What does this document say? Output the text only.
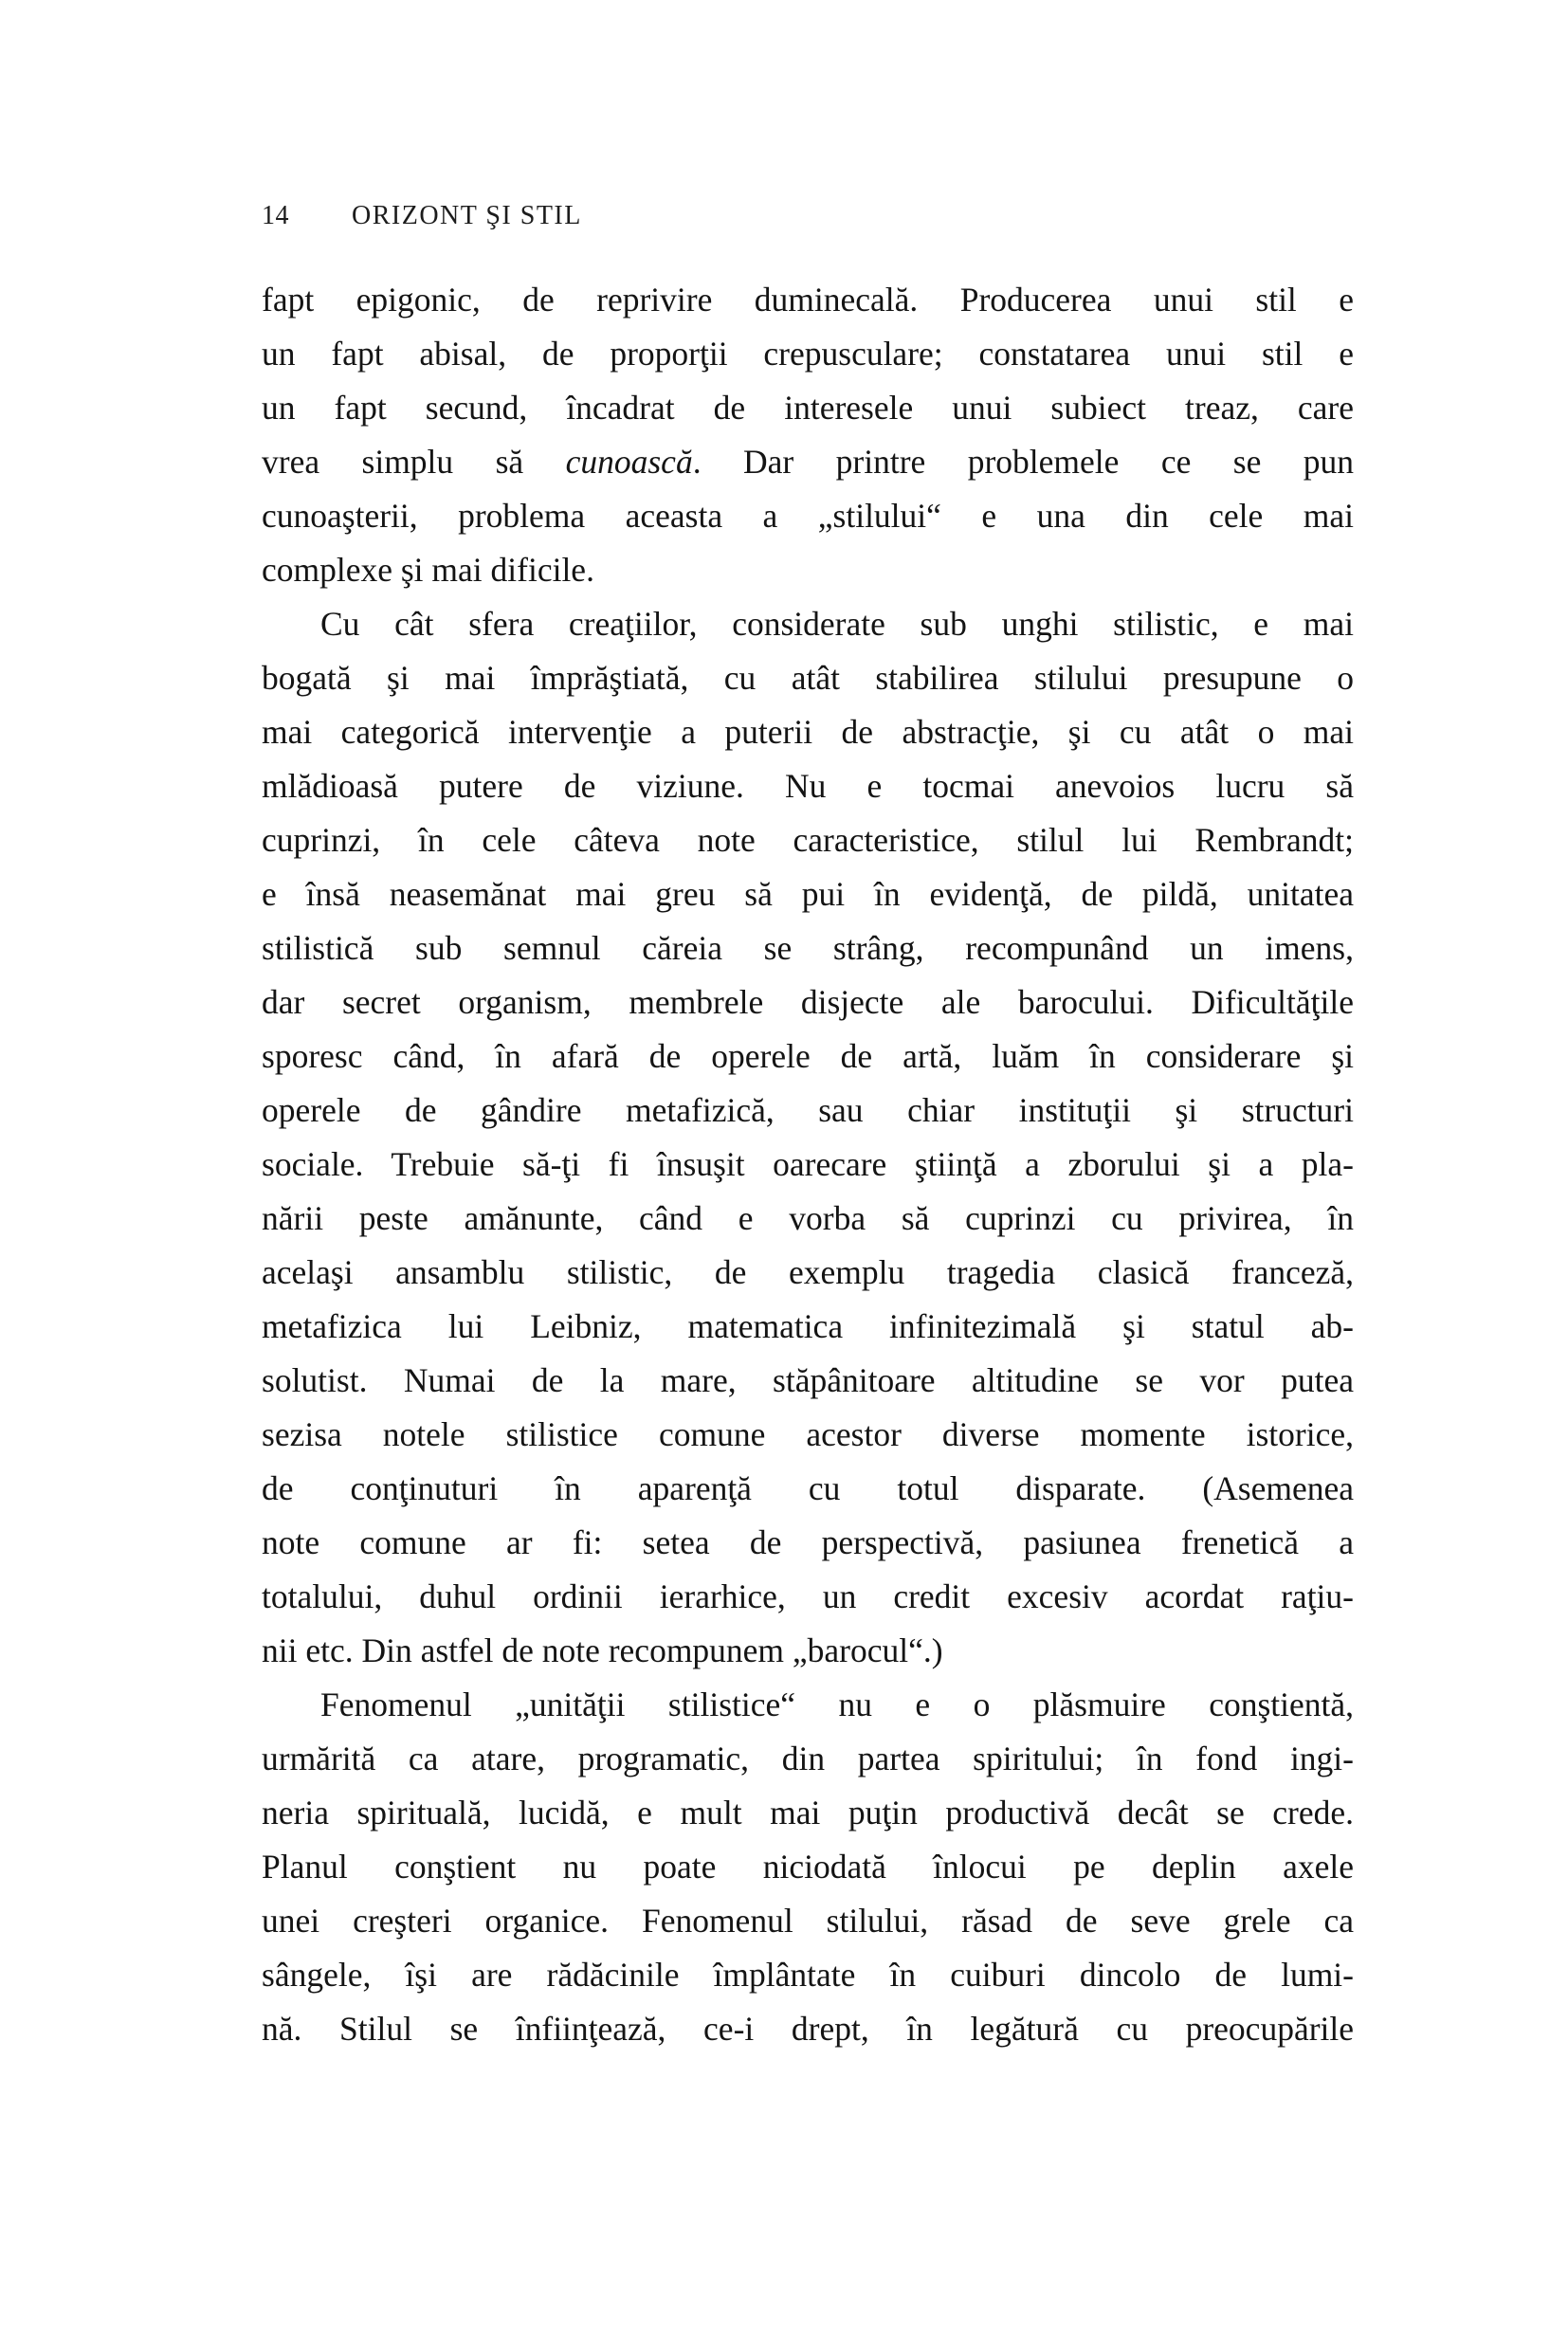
14 ORIZONT ŞI STIL
fapt epigonic, de reprivire duminecală. Producerea unui stil e
un fapt abisal, de proporţii crepusculare; constatarea unui stil e
un fapt secund, încadrat de interesele unui subiect treaz, care
vrea simplu să cunoască. Dar printre problemele ce se pun
cunoaşterii, problema aceasta a „stilului“ e una din cele mai
complexe şi mai dificile.
Cu cât sfera creaţiilor, considerate sub unghi stilistic, e mai
bogată şi mai împrăştiată, cu atât stabilirea stilului presupune o
mai categorică intervenţie a puterii de abstracţie, şi cu atât o mai
mlădioasă putere de viziune. Nu e tocmai anevoios lucru să
cuprinzi, în cele câteva note caracteristice, stilul lui Rembrandt;
e însă neasemănat mai greu să pui în evidenţă, de pildă, unitatea
stilistică sub semnul căreia se strâng, recompunând un imens,
dar secret organism, membrele disjecte ale barocului. Dificultăţile
sporesc când, în afară de operele de artă, luăm în considerare şi
operele de gândire metafizică, sau chiar instituţii şi structuri
sociale. Trebuie să-ţi fi însuşit oarecare ştiinţă a zborului şi a pla-
nării peste amănunte, când e vorba să cuprinzi cu privirea, în
acelaşi ansamblu stilistic, de exemplu tragedia clasică franceză,
metafizica lui Leibniz, matematica infinitezimală şi statul ab-
solutist. Numai de la mare, stăpânitoare altitudine se vor putea
sezisa notele stilistice comune acestor diverse momente istorice,
de conţinuturi în aparenţă cu totul disparate. (Asemenea
note comune ar fi: setea de perspectivă, pasiunea frenetică a
totalului, duhul ordinii ierarhice, un credit excesiv acordat raţiu-
nii etc. Din astfel de note recompunem „barocul“.)
Fenomenul „unităţii stilistice“ nu e o plăsmuire conştientă,
urmărită ca atare, programatic, din partea spiritului; în fond ingi-
neria spirituală, lucidă, e mult mai puţin productivă decât se crede.
Planul conştient nu poate niciodată înlocui pe deplin axele
unei creşteri organice. Fenomenul stilului, răsad de seve grele ca
sângele, îşi are rădăcinile împlântate în cuiburi dincolo de lumi-
nă. Stilul se înfiinţează, ce-i drept, în legătură cu preocupările
